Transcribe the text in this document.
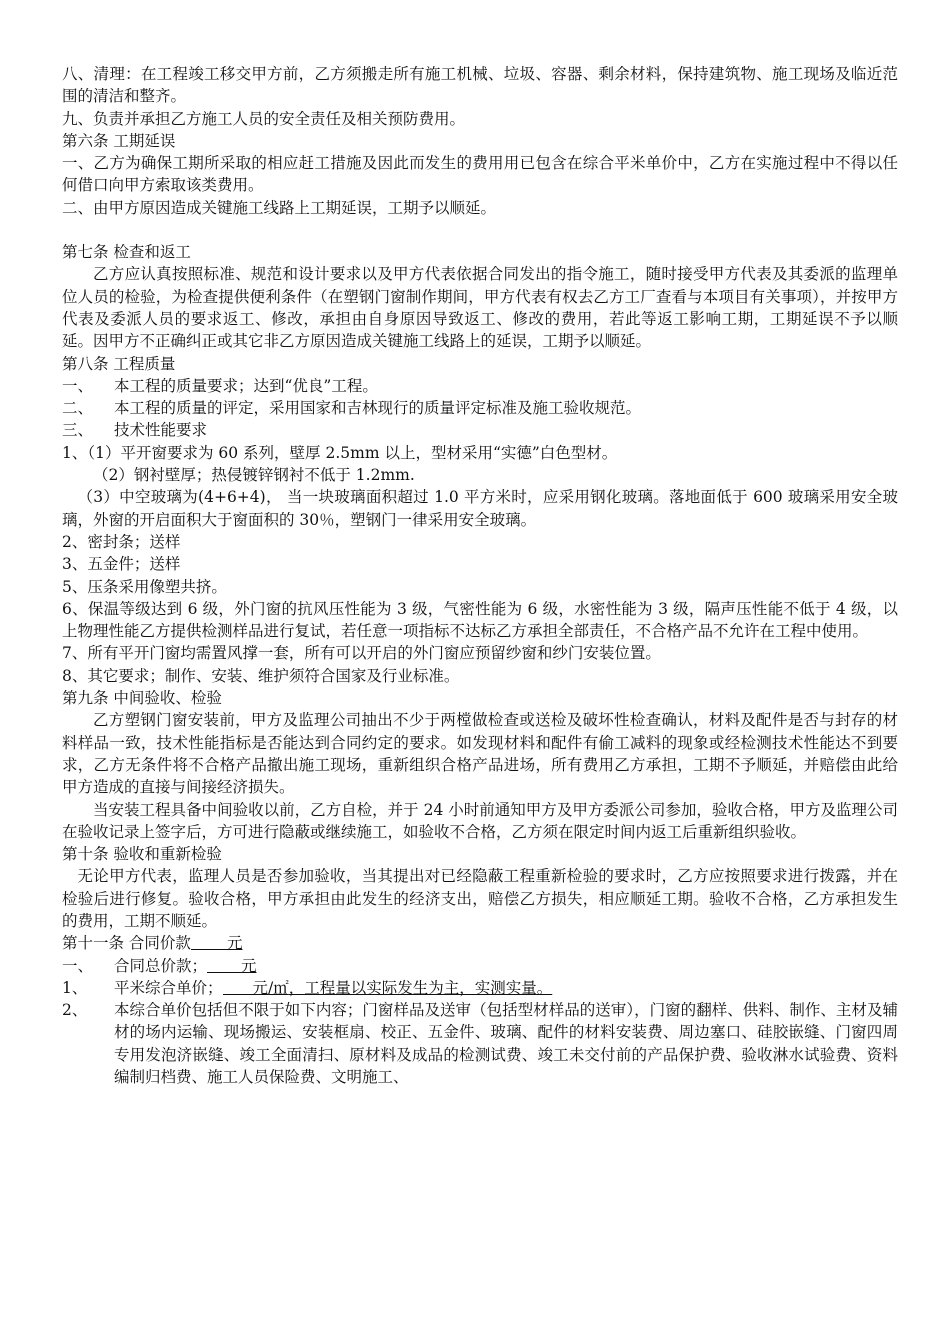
八、清理：在工程竣工移交甲方前，乙方须搬走所有施工机械、垃圾、容器、剩余材料，保持建筑物、施工现场及临近范围的清洁和整齐。

九、负责并承担乙方施工人员的安全责任及相关预防费用。

第六条 工期延误

一、乙方为确保工期所采取的相应赶工措施及因此而发生的费用用已包含在综合平米单价中，乙方在实施过程中不得以任何借口向甲方索取该类费用。

二、由甲方原因造成关键施工线路上工期延误，工期予以顺延。

第七条 检查和返工

乙方应认真按照标准、规范和设计要求以及甲方代表依据合同发出的指令施工，随时接受甲方代表及其委派的监理单位人员的检验，为检查提供便利条件（在塑钢门窗制作期间，甲方代表有权去乙方工厂查看与本项目有关事项），并按甲方代表及委派人员的要求返工、修改，承担由自身原因导致返工、修改的费用，若此等返工影响工期，工期延误不予以顺延。因甲方不正确纠正或其它非乙方原因造成关键施工线路上的延误，工期予以顺延。

第八条 工程质量

一、	本工程的质量要求；达到“优良”工程。
二、	本工程的质量的评定，采用国家和吉林现行的质量评定标准及施工验收规范。
三、	技术性能要求

1、（1）平开窗要求为 60 系列，壁厚 2.5mm 以上，型材采用“实德”白色型材。

（2）钢衬壁厚；热侵镀锌钢衬不低于 1.2mm.

（3）中空玻璃为(4+6+4)， 当一块玻璃面积超过 1.0 平方米时，应采用钢化玻璃。落地面低于 600 玻璃采用安全玻璃，外窗的开启面积大于窗面积的 30％，塑钢门一律采用安全玻璃。

2、密封条；送样

3、五金件；送样

5、压条采用像塑共挤。

6、保温等级达到 6 级，外门窗的抗风压性能为 3 级，气密性能为 6 级，水密性能为 3 级，隔声压性能不低于 4 级，以上物理性能乙方提供检测样品进行复试，若任意一项指标不达标乙方承担全部责任，不合格产品不允许在工程中使用。

7、所有平开门窗均需置风撑一套，所有可以开启的外门窗应预留纱窗和纱门安装位置。

8、其它要求；制作、安装、维护须符合国家及行业标准。

第九条 中间验收、检验

乙方塑钢门窗安装前，甲方及监理公司抽出不少于两樘做检查或送检及破坏性检查确认，材料及配件是否与封存的材料样品一致，技术性能指标是否能达到合同约定的要求。如发现材料和配件有偷工减料的现象或经检测技术性能达不到要求，乙方无条件将不合格产品撤出施工现场，重新组织合格产品进场，所有费用乙方承担，工期不予顺延，并赔偿由此给甲方造成的直接与间接经济损失。

当安装工程具备中间验收以前，乙方自检，并于 24 小时前通知甲方及甲方委派公司参加，验收合格，甲方及监理公司在验收记录上签字后，方可进行隐蔽或继续施工，如验收不合格，乙方须在限定时间内返工后重新组织验收。

第十条 验收和重新检验

无论甲方代表，监理人员是否参加验收，当其提出对已经隐蔽工程重新检验的要求时，乙方应按照要求进行拨露，并在检验后进行修复。验收合格，甲方承担由此发生的经济支出，赔偿乙方损失，相应顺延工期。验收不合格，乙方承担发生的费用，工期不顺延。

第十一条 合同价款 元

一、	合同总价款； 元
1、	平米综合单价； 元/㎡，工程量以实际发生为主，实测实量。
2、	本综合单价包括但不限于如下内容；门窗样品及送审（包括型材样品的送审），门窗的翻样、供料、制作、主材及辅材的场内运输、现场搬运、安装框扇、校正、五金件、玻璃、配件的材料安装费、周边塞口、硅胶嵌缝、门窗四周专用发泡济嵌缝、竣工全面清扫、原材料及成品的检测试费、竣工未交付前的产品保护费、验收淋水试验费、资料编制归档费、施工人员保险费、文明施工、
